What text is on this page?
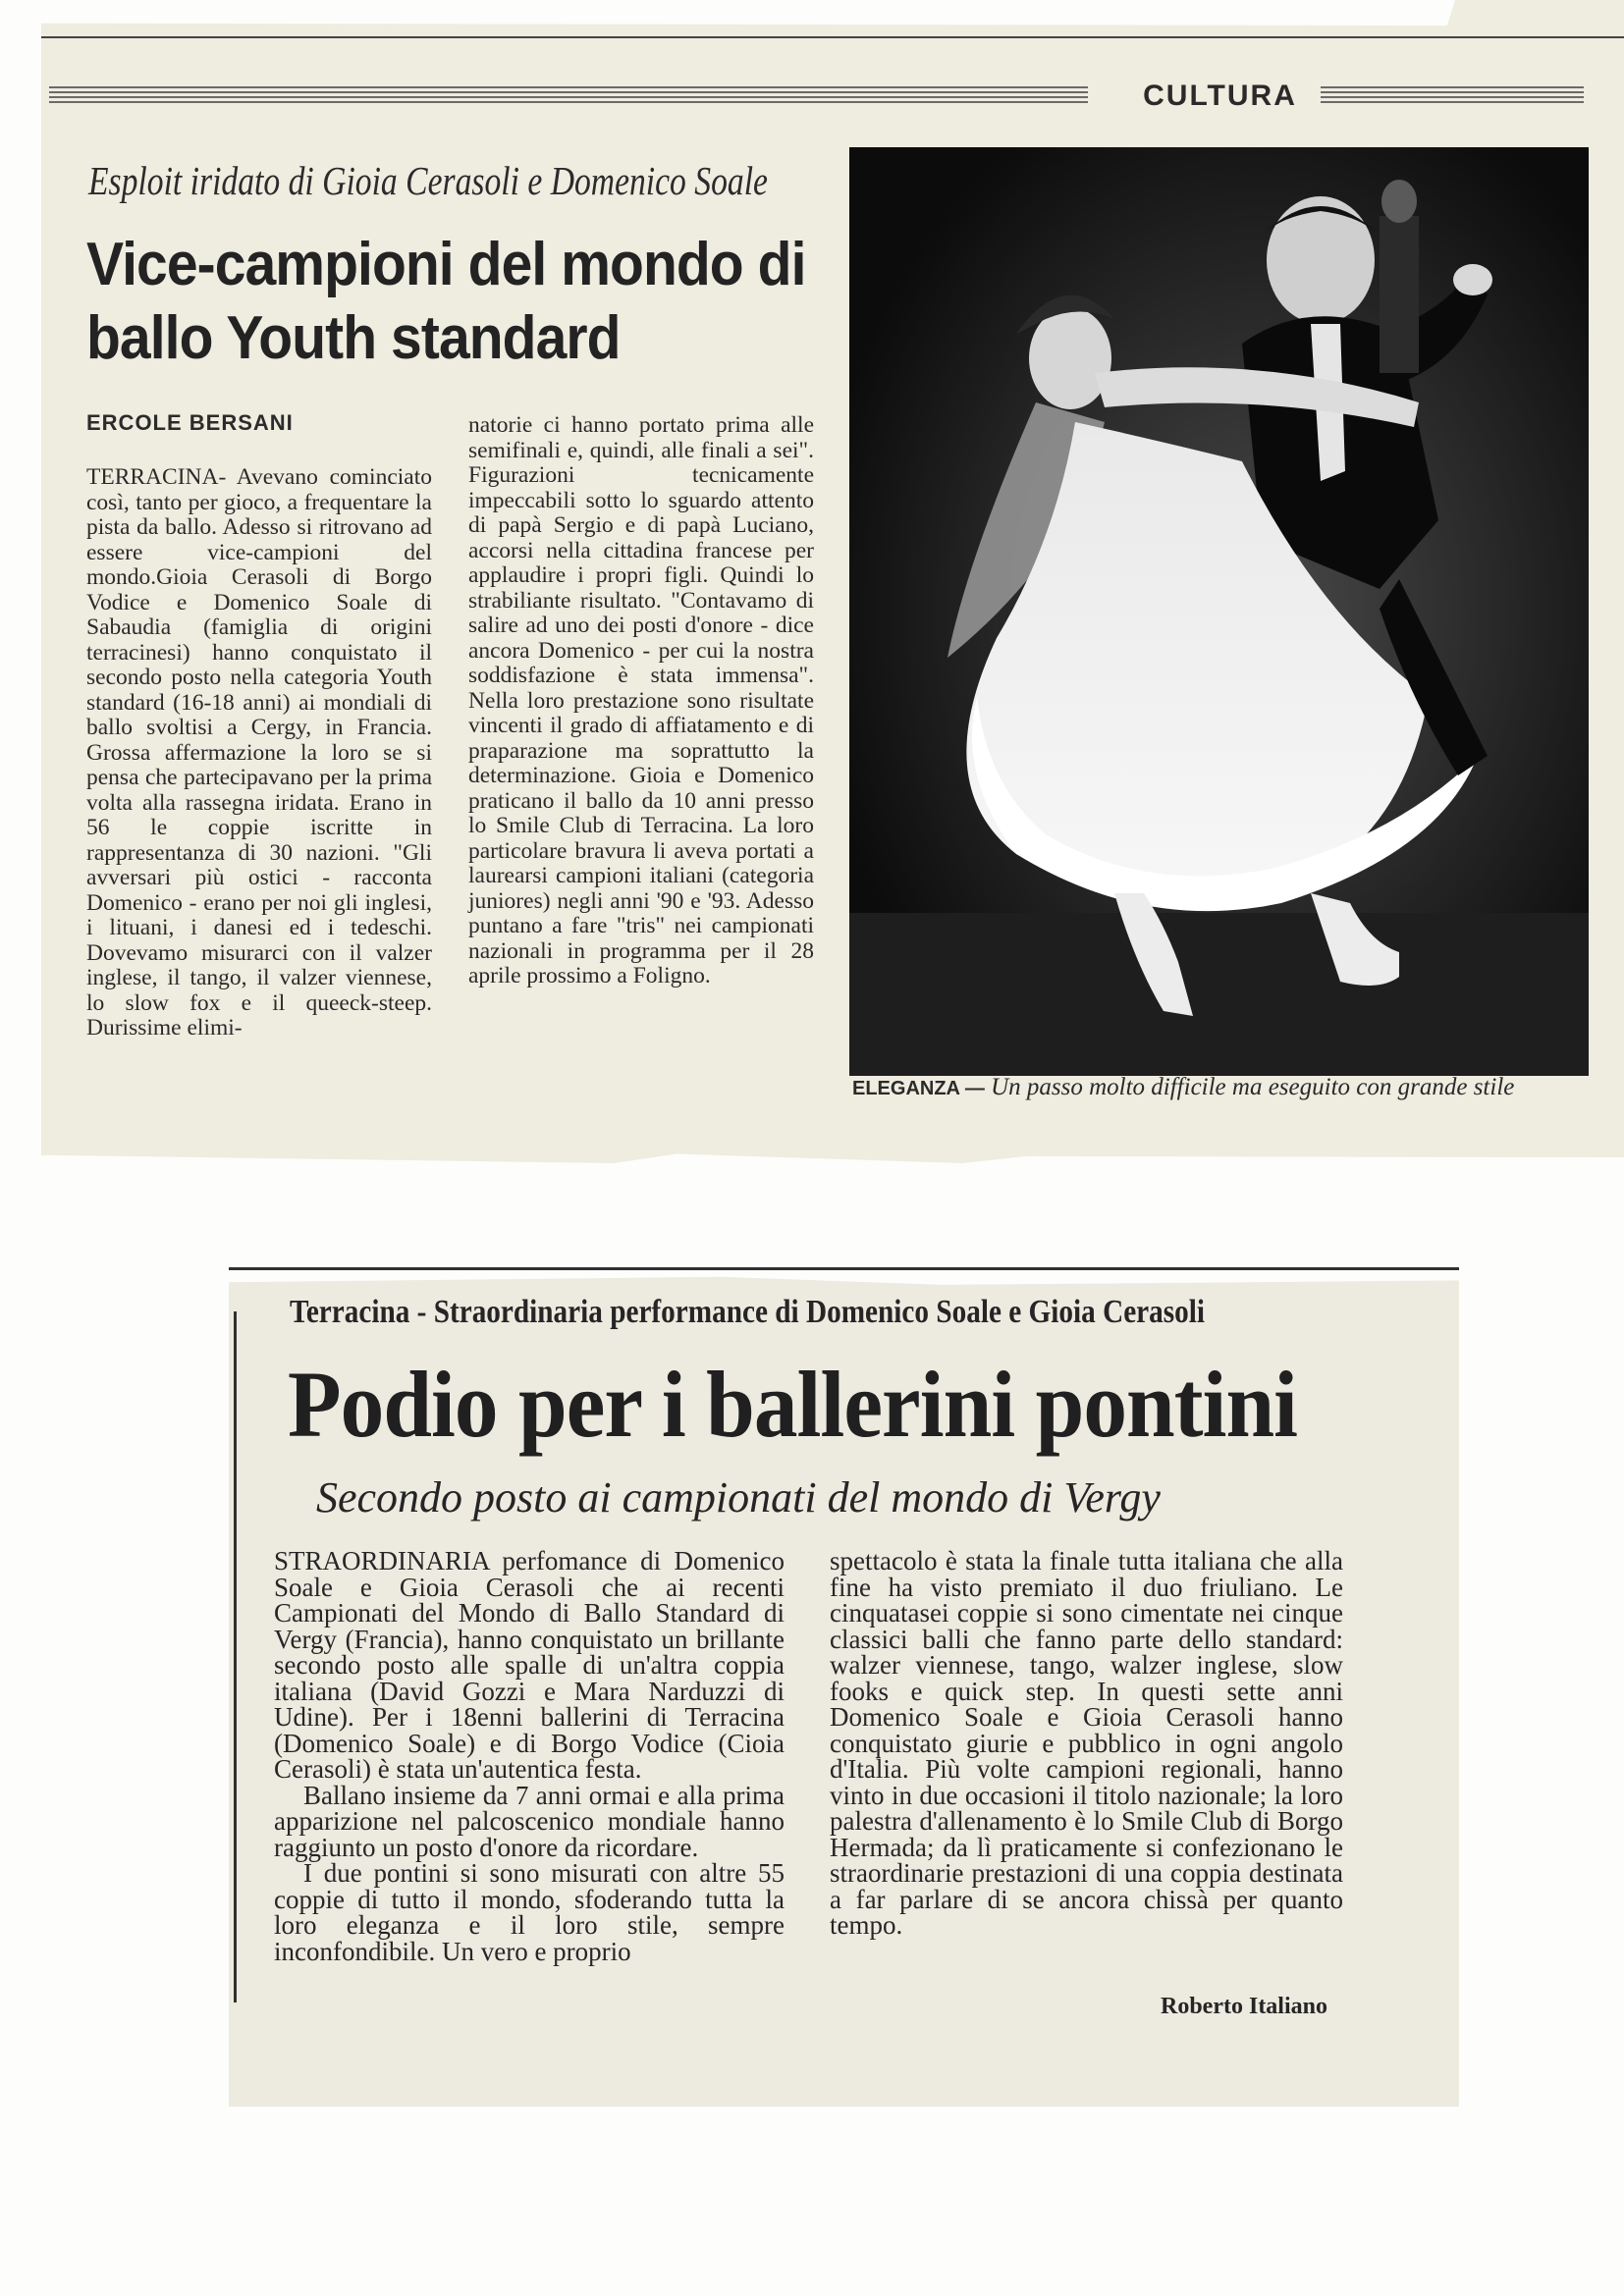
CULTURA
Esploit iridato di Gioia Cerasoli e Domenico Soale
Vice-campioni del mondo di ballo Youth standard
ERCOLE BERSANI
TERRACINA- Avevano cominciato così, tanto per gioco, a frequentare la pista da ballo. Adesso si ritrovano ad essere vice-campioni del mondo.Gioia Cerasoli di Borgo Vodice e Domenico Soale di Sabaudia (famiglia di origini terracinesi) hanno conquistato il secondo posto nella categoria Youth standard (16-18 anni) ai mondiali di ballo svoltisi a Cergy, in Francia. Grossa affermazione la loro se si pensa che partecipavano per la prima volta alla rassegna iridata. Erano in 56 le coppie iscritte in rappresentanza di 30 nazioni. "Gli avversari più ostici - racconta Domenico - erano per noi gli inglesi, i lituani, i danesi ed i tedeschi. Dovevamo misurarci con il valzer inglese, il tango, il valzer viennese, lo slow fox e il queeck-steep. Durissime elimi-
natorie ci hanno portato prima alle semifinali e, quindi, alle finali a sei". Figurazioni tecnicamente impeccabili sotto lo sguardo attento di papà Sergio e di papà Luciano, accorsi nella cittadina francese per applaudire i propri figli. Quindi lo strabiliante risultato. "Contavamo di salire ad uno dei posti d'onore - dice ancora Domenico - per cui la nostra soddisfazione è stata immensa". Nella loro prestazione sono risultate vincenti il grado di affiatamento e di praparazione ma soprattutto la determinazione. Gioia e Domenico praticano il ballo da 10 anni presso lo Smile Club di Terracina. La loro particolare bravura li aveva portati a laurearsi campioni italiani (categoria juniores) negli anni '90 e '93. Adesso puntano a fare "tris" nei campionati nazionali in programma per il 28 aprile prossimo a Foligno.
ELEGANZA — Un passo molto difficile ma eseguito con grande stile
Terracina - Straordinaria performance di Domenico Soale e Gioia Cerasoli
Podio per i ballerini pontini
Secondo posto ai campionati del mondo di Vergy

STRAORDINARIA perfomance di Domenico Soale e Gioia Cerasoli che ai recenti Campionati del Mondo di Ballo Standard di Vergy (Francia), hanno conquistato un brillante secondo posto alle spalle di un'altra coppia italiana (David Gozzi e Mara Narduzzi di Udine). Per i 18enni ballerini di Terracina (Domenico Soale) e di Borgo Vodice (Cioia Cerasoli) è stata un'autentica festa.

Ballano insieme da 7 anni ormai e alla prima apparizione nel palcoscenico mondiale hanno raggiunto un posto d'onore da ricordare.

I due pontini si sono misurati con altre 55 coppie di tutto il mondo, sfoderando tutta la loro eleganza e il loro stile, sempre inconfondibile. Un vero e proprio

spettacolo è stata la finale tutta italiana che alla fine ha visto premiato il duo friuliano. Le cinquatasei coppie si sono cimentate nei cinque classici balli che fanno parte dello standard: walzer viennese, tango, walzer inglese, slow fooks e quick step. In questi sette anni Domenico Soale e Gioia Cerasoli hanno conquistato giurie e pubblico in ogni angolo d'Italia. Più volte campioni regionali, hanno vinto in due occasioni il titolo nazionale; la loro palestra d'allenamento è lo Smile Club di Borgo Hermada; da lì praticamente si confezionano le straordinarie prestazioni di una coppia destinata a far parlare di se ancora chissà per quanto tempo.

Roberto Italiano
